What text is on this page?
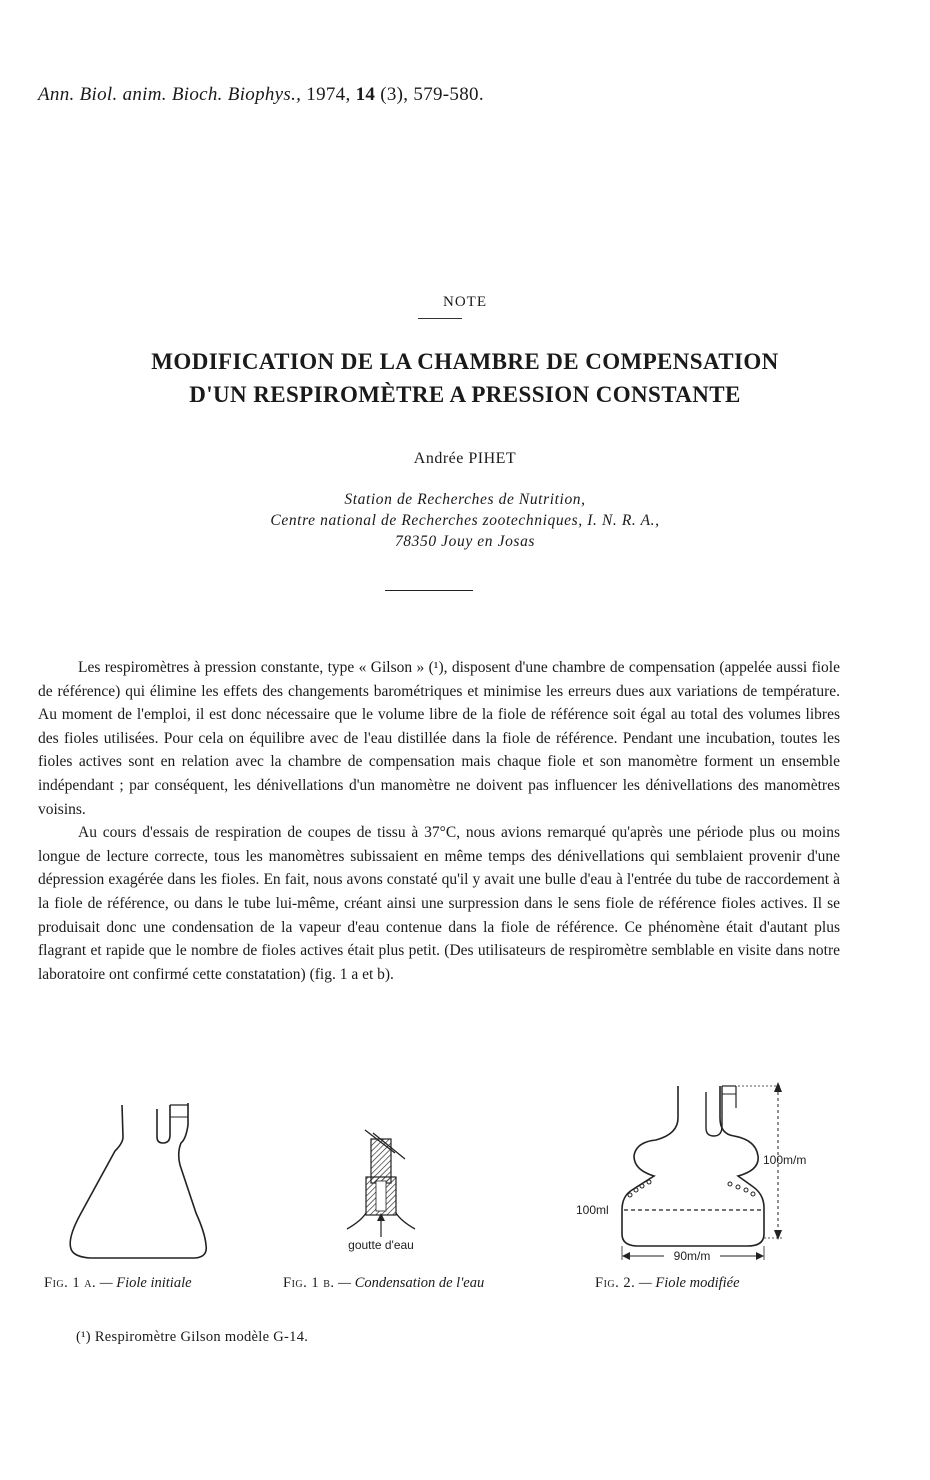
Ann. Biol. anim. Bioch. Biophys., 1974, 14 (3), 579-580.
NOTE
MODIFICATION DE LA CHAMBRE DE COMPENSATION
D'UN RESPIROMÈTRE A PRESSION CONSTANTE
Andrée PIHET
Station de Recherches de Nutrition,
Centre national de Recherches zootechniques, I. N. R. A.,
78350 Jouy en Josas

Les respiromètres à pression constante, type « Gilson » (¹), disposent d'une chambre de compensation (appelée aussi fiole de référence) qui élimine les effets des changements barométriques et minimise les erreurs dues aux variations de température. Au moment de l'emploi, il est donc nécessaire que le volume libre de la fiole de référence soit égal au total des volumes libres des fioles utilisées. Pour cela on équilibre avec de l'eau distillée dans la fiole de référence. Pendant une incubation, toutes les fioles actives sont en relation avec la chambre de compensation mais chaque fiole et son manomètre forment un ensemble indépendant ; par conséquent, les dénivellations d'un manomètre ne doivent pas influencer les dénivellations des manomètres voisins.

Au cours d'essais de respiration de coupes de tissu à 37°C, nous avions remarqué qu'après une période plus ou moins longue de lecture correcte, tous les manomètres subissaient en même temps des dénivellations qui semblaient provenir d'une dépression exagérée dans les fioles. En fait, nous avons constaté qu'il y avait une bulle d'eau à l'entrée du tube de raccordement à la fiole de référence, ou dans le tube lui-même, créant ainsi une surpression dans le sens fiole de référence fioles actives. Il se produisait donc une condensation de la vapeur d'eau contenue dans la fiole de référence. Ce phénomène était d'autant plus flagrant et rapide que le nombre de fioles actives était plus petit. (Des utilisateurs de respiromètre semblable en visite dans notre laboratoire ont confirmé cette constatation) (fig. 1 a et b).

goutte d'eau
100m/m
100ml
90m/m
Fig. 1 a. — Fiole initiale	Fig. 1 b. — Condensation de l'eau	Fig. 2. — Fiole modifiée
(¹) Respiromètre Gilson modèle G-14.
